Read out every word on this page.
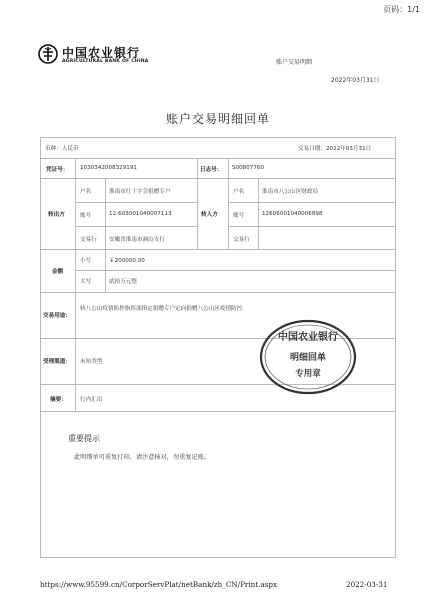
页码：1/1
中国农业银行
AGRICULTURAL BANK OF CHINA	账户交易明细
2022年03月31日
账户交易明细回单
币种：人民币	交易日期：2022年03月31日
凭证号： 1030342008329191	日志号： S00807760
转出方
户名	淮南市红十字会捐赠专户
账号	12-603001040007113
交易行 安徽省淮南市洞山支行
转入方
户名	淮南市八公山区财政局
账号	12606001040006898
交易行
金额
小写	￥200000.00
大写	贰拾万元整
交易用途：
转八公山疫情防控指挥部指定捐赠专户定向捐赠八公山区疫情防控.
受理渠道： 未知类型
摘要： 行内汇出
重要提示
此明细单可重复打印，请注意核对，勿重复记账。
中国农业银行
明细回单
专用章
https://www.95599.cn/CorporServPlat/netBank/zh_CN/Print.aspx	2022-03-31
